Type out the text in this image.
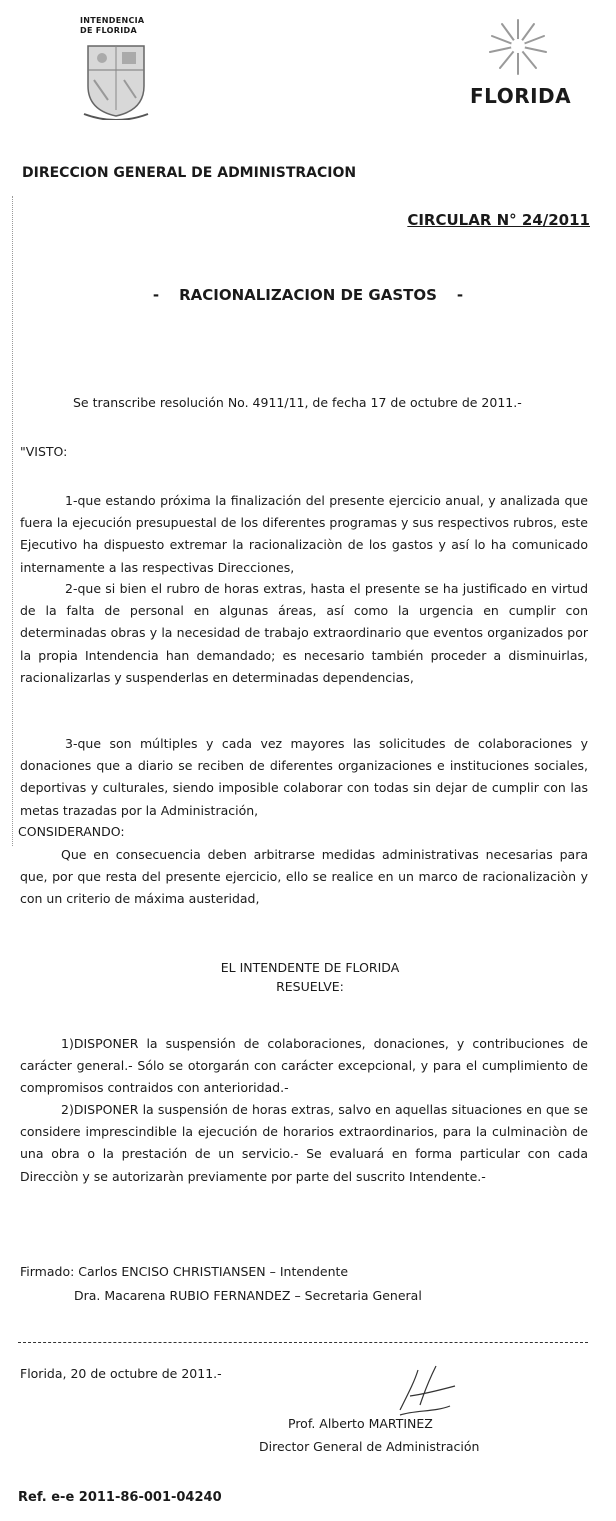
INTENDENCIA
DE FLORIDA
FLORIDA
DIRECCION GENERAL DE ADMINISTRACION
CIRCULAR N° 24/2011
- RACIONALIZACION DE GASTOS -
Se transcribe resolución No. 4911/11, de fecha 17 de octubre de 2011.-
"VISTO:
1-que estando próxima la finalización del presente ejercicio anual, y analizada que fuera la ejecución presupuestal de los diferentes programas y sus respectivos rubros, este Ejecutivo ha dispuesto extremar la racionalizaciòn de los gastos y así lo ha comunicado internamente a las respectivas Direcciones,
2-que si bien el rubro de horas extras, hasta el presente se ha justificado en virtud de la falta de personal en algunas áreas, así como la urgencia en cumplir con determinadas obras y la necesidad de trabajo extraordinario que eventos organizados por la propia Intendencia han demandado; es necesario también proceder a disminuirlas, racionalizarlas y suspenderlas en determinadas dependencias,
3-que son múltiples y cada vez mayores las solicitudes de colaboraciones y donaciones que a diario se reciben de diferentes organizaciones e instituciones sociales, deportivas y culturales, siendo imposible colaborar con todas sin dejar de cumplir con las metas trazadas por la Administración,
CONSIDERANDO:
Que en consecuencia deben arbitrarse medidas administrativas necesarias para que, por que resta del presente ejercicio, ello se realice en un marco de racionalizaciòn y con un criterio de máxima austeridad,
EL INTENDENTE DE FLORIDA
RESUELVE:
1)DISPONER la suspensión de colaboraciones, donaciones, y contribuciones de carácter general.- Sólo se otorgarán con carácter excepcional, y para el cumplimiento de compromisos contraidos con anterioridad.-
2)DISPONER la suspensión de horas extras, salvo en aquellas situaciones en que se considere imprescindible la ejecución de horarios extraordinarios, para la culminaciòn de una obra o la prestación de un servicio.- Se evaluará en forma particular con cada Direcciòn y se autorizaràn previamente por parte del suscrito Intendente.-
Firmado: Carlos ENCISO CHRISTIANSEN – Intendente
Dra. Macarena RUBIO FERNANDEZ – Secretaria General
Florida, 20 de octubre de 2011.-
Prof. Alberto MARTINEZ
Director General de Administración
Ref. e-e 2011-86-001-04240
